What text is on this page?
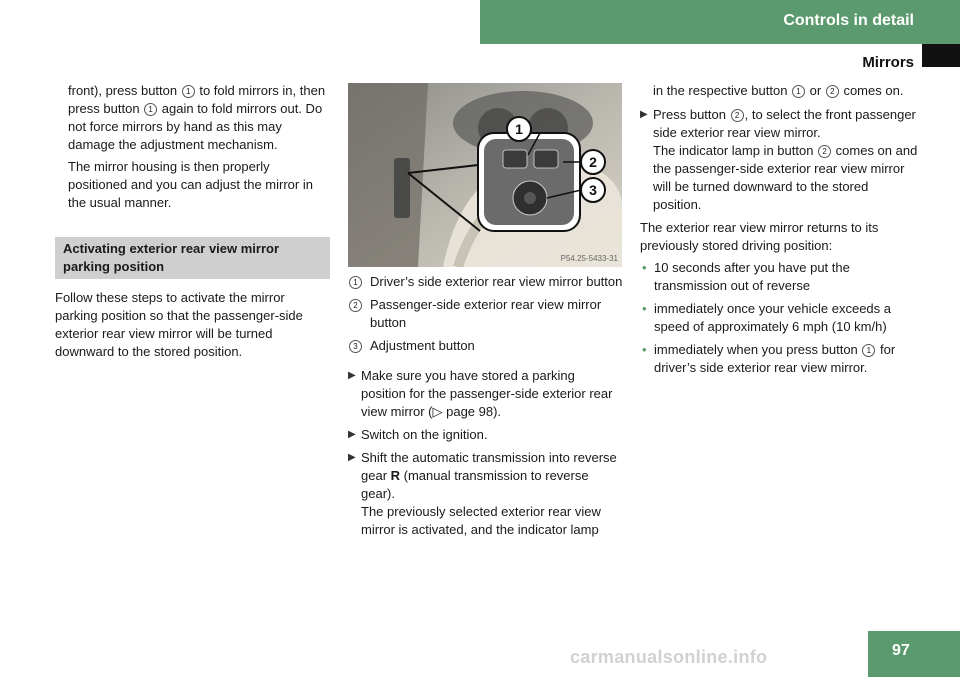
Controls in detail
Mirrors

front), press button 1 to fold mirrors in, then press button 1 again to fold mirrors out. Do not force mirrors by hand as this may damage the adjustment mechanism.

The mirror housing is then properly positioned and you can adjust the mirror in the usual manner.

Activating exterior rear view mirror parking position

Follow these steps to activate the mirror parking position so that the passenger-side exterior rear view mirror will be turned downward to the stored position.

1
2
3
P54.25-5433-31
1 Driver’s side exterior rear view mirror button
2 Passenger-side exterior rear view mirror button
3 Adjustment button
▶ Make sure you have stored a parking position for the passenger-side exterior rear view mirror (▷ page 98).
▶ Switch on the ignition.
▶ Shift the automatic transmission into reverse gear R (manual transmission to reverse gear).
The previously selected exterior rear view mirror is activated, and the indicator lamp

in the respective button 1 or 2 comes on.

▶ Press button 2 , to select the front passenger side exterior rear view mirror.
The indicator lamp in button 2 comes on and the passenger-side exterior rear view mirror will be turned downward to the stored position.

The exterior rear view mirror returns to its previously stored driving position:

• 10 seconds after you have put the transmission out of reverse
• immediately once your vehicle exceeds a speed of approximately 6 mph (10 km/h)
• immediately when you press button 1 for driver’s side exterior rear view mirror.
97
carmanualsonline.info
